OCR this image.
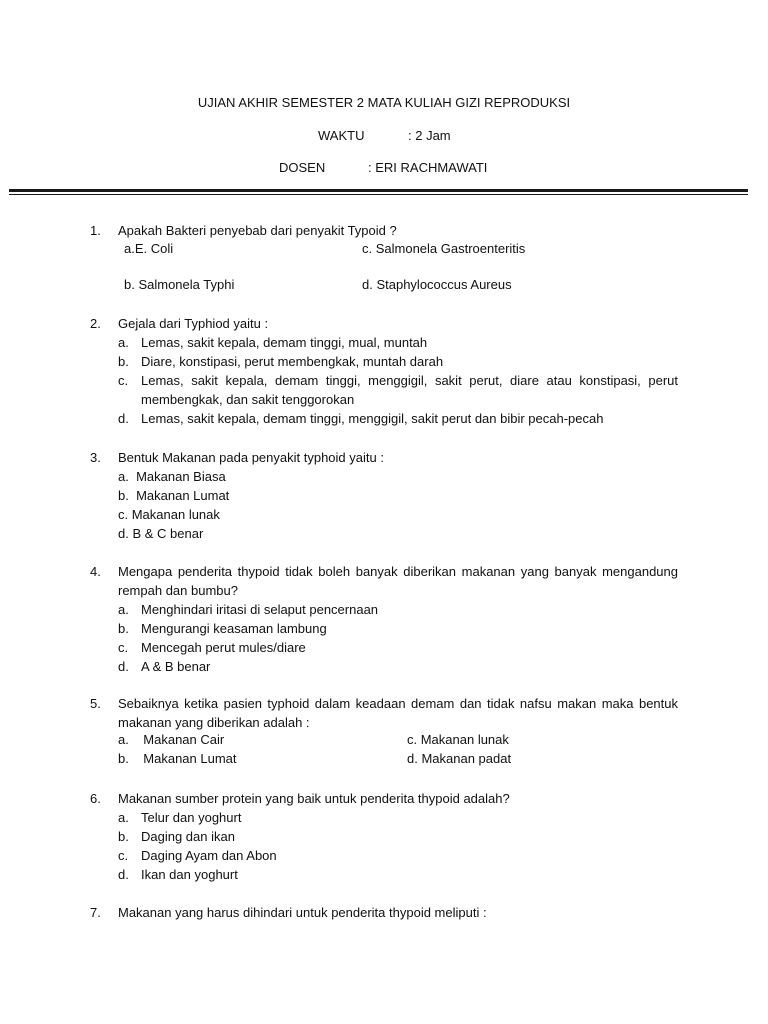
UJIAN AKHIR SEMESTER 2 MATA KULIAH GIZI REPRODUKSI
WAKTU	: 2 Jam
DOSEN	: ERI RACHMAWATI
1.	Apakah Bakteri penyebab dari penyakit Typoid ?
a.E. Coli	c. Salmonela Gastroenteritis
b. Salmonela Typhi	d. Staphylococcus Aureus
2.	Gejala dari Typhiod yaitu :
a. Lemas, sakit kepala, demam tinggi, mual, muntah
b. Diare, konstipasi, perut membengkak, muntah darah
c. Lemas, sakit kepala, demam tinggi, menggigil, sakit perut, diare atau konstipasi, perut membengkak, dan sakit tenggorokan
d. Lemas, sakit kepala, demam tinggi, menggigil, sakit perut dan bibir pecah-pecah
3.	Bentuk Makanan pada penyakit typhoid yaitu :
a.  Makanan Biasa
b.  Makanan Lumat
c. Makanan lunak
d. B & C benar
4.	Mengapa penderita thypoid tidak boleh banyak diberikan makanan yang banyak mengandung rempah dan bumbu?
a. Menghindari iritasi di selaput pencernaan
b. Mengurangi keasaman lambung
c. Mencegah perut mules/diare
d. A & B benar
5.	Sebaiknya ketika pasien typhoid dalam keadaan demam dan tidak nafsu makan maka bentuk makanan yang diberikan adalah :
a.    Makanan Cair	c. Makanan lunak
b.    Makanan Lumat	d. Makanan padat
6.	Makanan sumber protein yang baik untuk penderita thypoid adalah?
a. Telur dan yoghurt
b. Daging dan ikan
c. Daging Ayam dan Abon
d. Ikan dan yoghurt
7.	Makanan yang harus dihindari untuk penderita thypoid meliputi :
